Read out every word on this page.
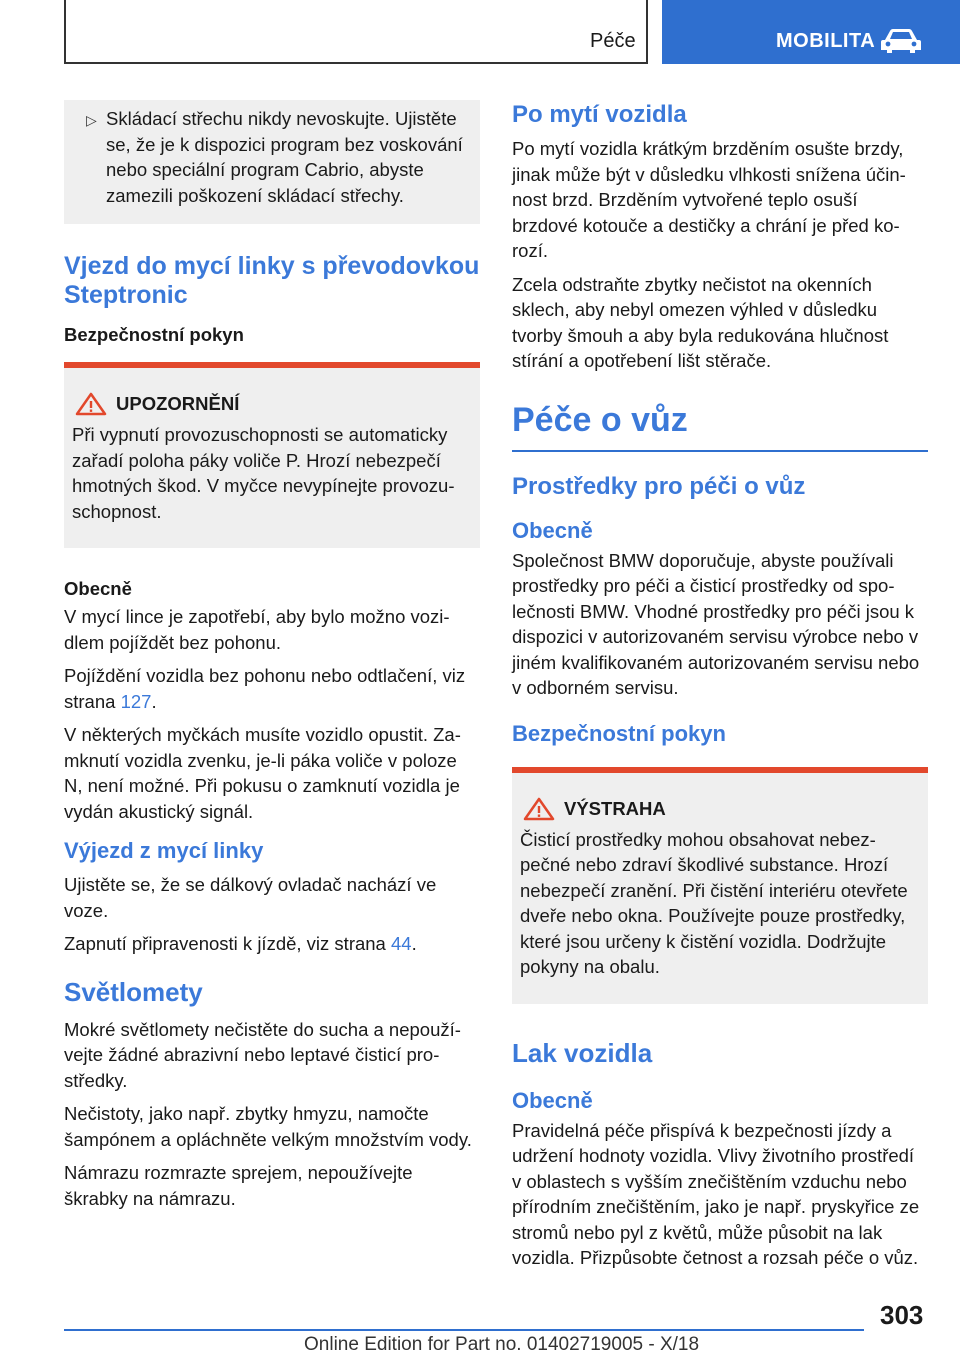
Péče	MOBILITA
▷ Skládací střechu nikdy nevoskujte. Ujistěte se, že je k dispozici program bez voskování nebo speciální program Cabrio, abyste zamezili poškození skládací střechy.
Vjezd do mycí linky s převodovkou Steptronic
Bezpečnostní pokyn
UPOZORNĚNÍ

Při vypnutí provozuschopnosti se automaticky zařadí poloha páky voliče P. Hrozí nebezpečí hmotných škod. V myčce nevypínejte provozuschopnost.

Obecně

V mycí lince je zapotřebí, aby bylo možno vozidlem pojíždět bez pohonu.

Pojíždění vozidla bez pohonu nebo odtlačení, viz strana 127.

V některých myčkách musíte vozidlo opustit. Zamknutí vozidla zvenku, je-li páka voliče v poloze N, není možné. Při pokusu o zamknutí vozidla je vydán akustický signál.

Výjezd z mycí linky

Ujistěte se, že se dálkový ovladač nachází ve voze.

Zapnutí připravenosti k jízdě, viz strana 44.

Světlomety

Mokré světlomety nečistěte do sucha a nepoužívejte žádné abrazivní nebo leptavé čisticí prostředky.

Nečistoty, jako např. zbytky hmyzu, namočte šampónem a opláchněte velkým množstvím vody.

Námrazu rozmrazte sprejem, nepoužívejte škrabky na námrazu.

Po mytí vozidla

Po mytí vozidla krátkým brzděním osušte brzdy, jinak může být v důsledku vlhkosti snížena účinnost brzd. Brzděním vytvořené teplo osuší brzdové kotouče a destičky a chrání je před korozí.

Zcela odstraňte zbytky nečistot na okenních sklech, aby nebyl omezen výhled v důsledku tvorby šmouh a aby byla redukována hlučnost stírání a opotřebení lišt stěrače.

Péče o vůz
Prostředky pro péči o vůz
Obecně

Společnost BMW doporučuje, abyste používali prostředky pro péči a čisticí prostředky od společnosti BMW. Vhodné prostředky pro péči jsou k dispozici v autorizovaném servisu výrobce nebo v jiném kvalifikovaném autorizovaném servisu nebo v odborném servisu.

Bezpečnostní pokyn
VÝSTRAHA

Čisticí prostředky mohou obsahovat nebezpečné nebo zdraví škodlivé substance. Hrozí nebezpečí zranění. Při čistění interiéru otevřete dveře nebo okna. Používejte pouze prostředky, které jsou určeny k čistění vozidla. Dodržujte pokyny na obalu.

Lak vozidla
Obecně

Pravidelná péče přispívá k bezpečnosti jízdy a udržení hodnoty vozidla. Vlivy životního prostředí v oblastech s vyšším znečištěním vzduchu nebo přírodním znečištěním, jako je např. pryskyřice ze stromů nebo pyl z květů, může působit na lak vozidla. Přizpůsobte četnost a rozsah péče o vůz.

303
Online Edition for Part no. 01402719005 - X/18
